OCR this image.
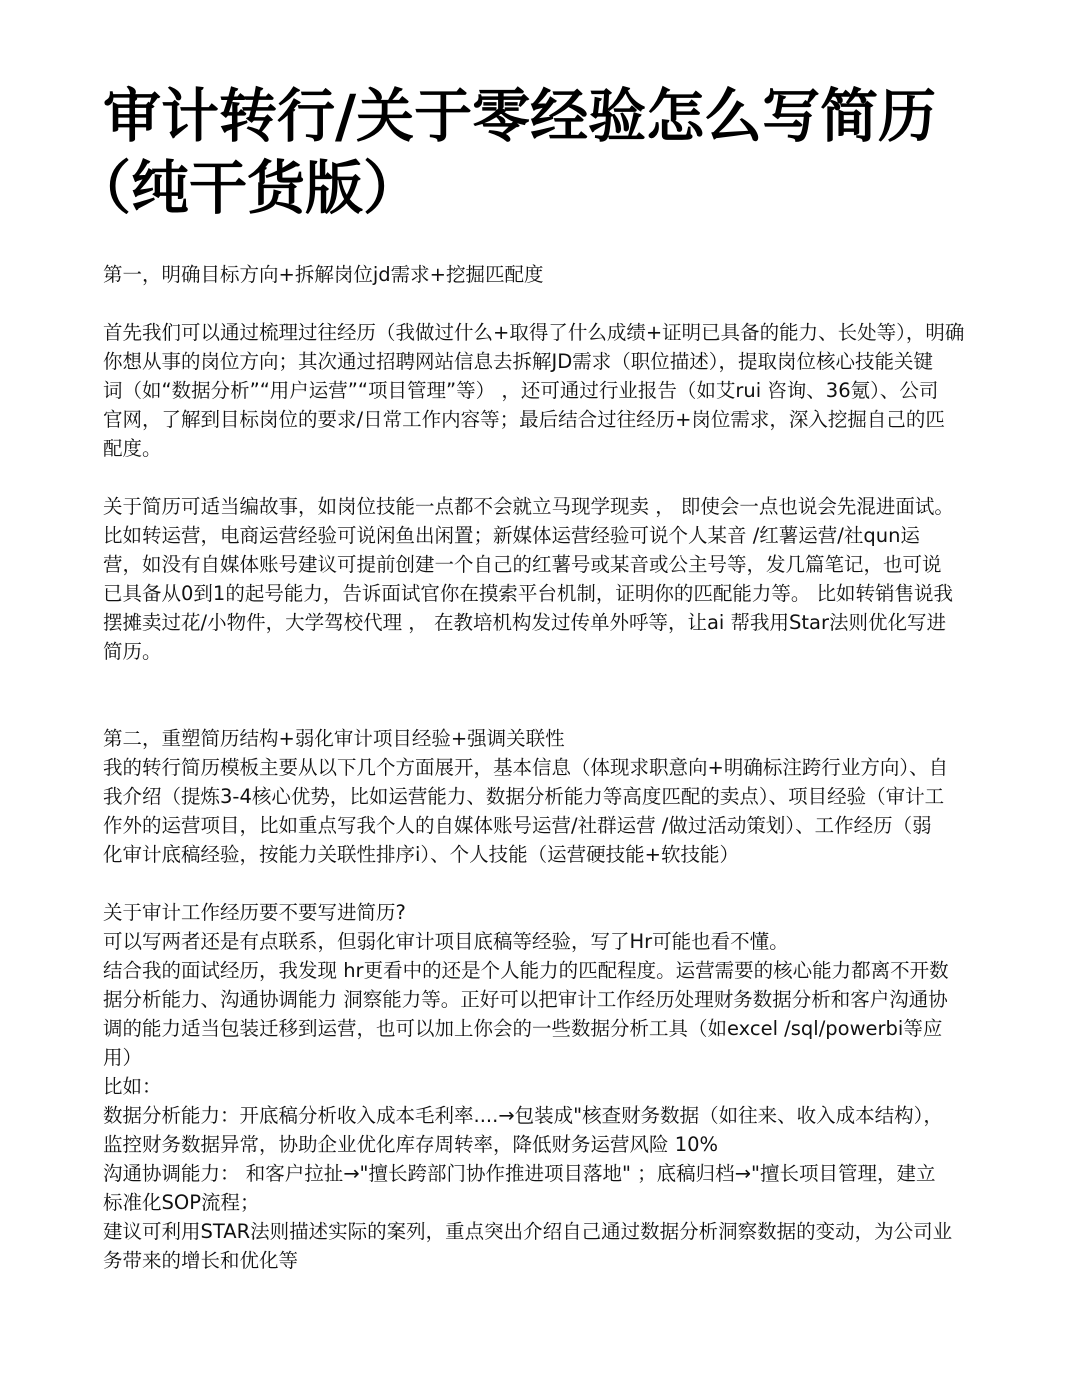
审计转行/关于零经验怎么写简历
（纯干货版）

第一，明确目标方向+拆解岗位jd需求+挖掘匹配度

首先我们可以通过梳理过往经历（我做过什么+取得了什么成绩+证明已具备的能力、长处等），明确

你想从事的岗位方向；其次通过招聘网站信息去拆解JD需求（职位描述），提取岗位核心技能关键

词（如“数据分析”“用户运营”“项目管理”等） ，还可通过行业报告（如艾rui 咨询、36氪）、公司

官网，了解到目标岗位的要求/日常工作内容等；最后结合过往经历+岗位需求，深入挖掘自己的匹

配度。

关于简历可适当编故事，如岗位技能一点都不会就立马现学现卖 ， 即使会一点也说会先混进面试。

比如转运营，电商运营经验可说闲鱼出闲置；新媒体运营经验可说个人某音 /红薯运营/社qun运

营，如没有自媒体账号建议可提前创建一个自己的红薯号或某音或公主号等，发几篇笔记，也可说

已具备从0到1的起号能力，告诉面试官你在摸索平台机制，证明你的匹配能力等。 比如转销售说我

摆摊卖过花/小物件，大学驾校代理 ， 在教培机构发过传单外呼等，让ai 帮我用Star法则优化写进

简历。

第二，重塑简历结构+弱化审计项目经验+强调关联性

我的转行简历模板主要从以下几个方面展开，基本信息（体现求职意向+明确标注跨行业方向）、自

我介绍（提炼3-4核心优势，比如运营能力、数据分析能力等高度匹配的卖点）、项目经验（审计工

作外的运营项目，比如重点写我个人的自媒体账号运营/社群运营 /做过活动策划）、工作经历（弱

化审计底稿经验，按能力关联性排序i）、个人技能（运营硬技能+软技能）

关于审计工作经历要不要写进简历?

可以写两者还是有点联系，但弱化审计项目底稿等经验，写了Hr可能也看不懂。

结合我的面试经历，我发现 hr更看中的还是个人能力的匹配程度。运营需要的核心能力都离不开数

据分析能力、沟通协调能力 洞察能力等。正好可以把审计工作经历处理财务数据分析和客户沟通协

调的能力适当包装迁移到运营，也可以加上你会的一些数据分析工具（如excel /sql/powerbi等应

用）

比如：

数据分析能力：开底稿分析收入成本毛利率....→包装成"核查财务数据（如往来、收入成本结构），

监控财务数据异常，协助企业优化库存周转率，降低财务运营风险 10%

沟通协调能力： 和客户拉扯→"擅长跨部门协作推进项目落地" ；底稿归档→"擅长项目管理，建立

标准化SOP流程；

建议可利用STAR法则描述实际的案列，重点突出介绍自己通过数据分析洞察数据的变动，为公司业

务带来的增长和优化等
